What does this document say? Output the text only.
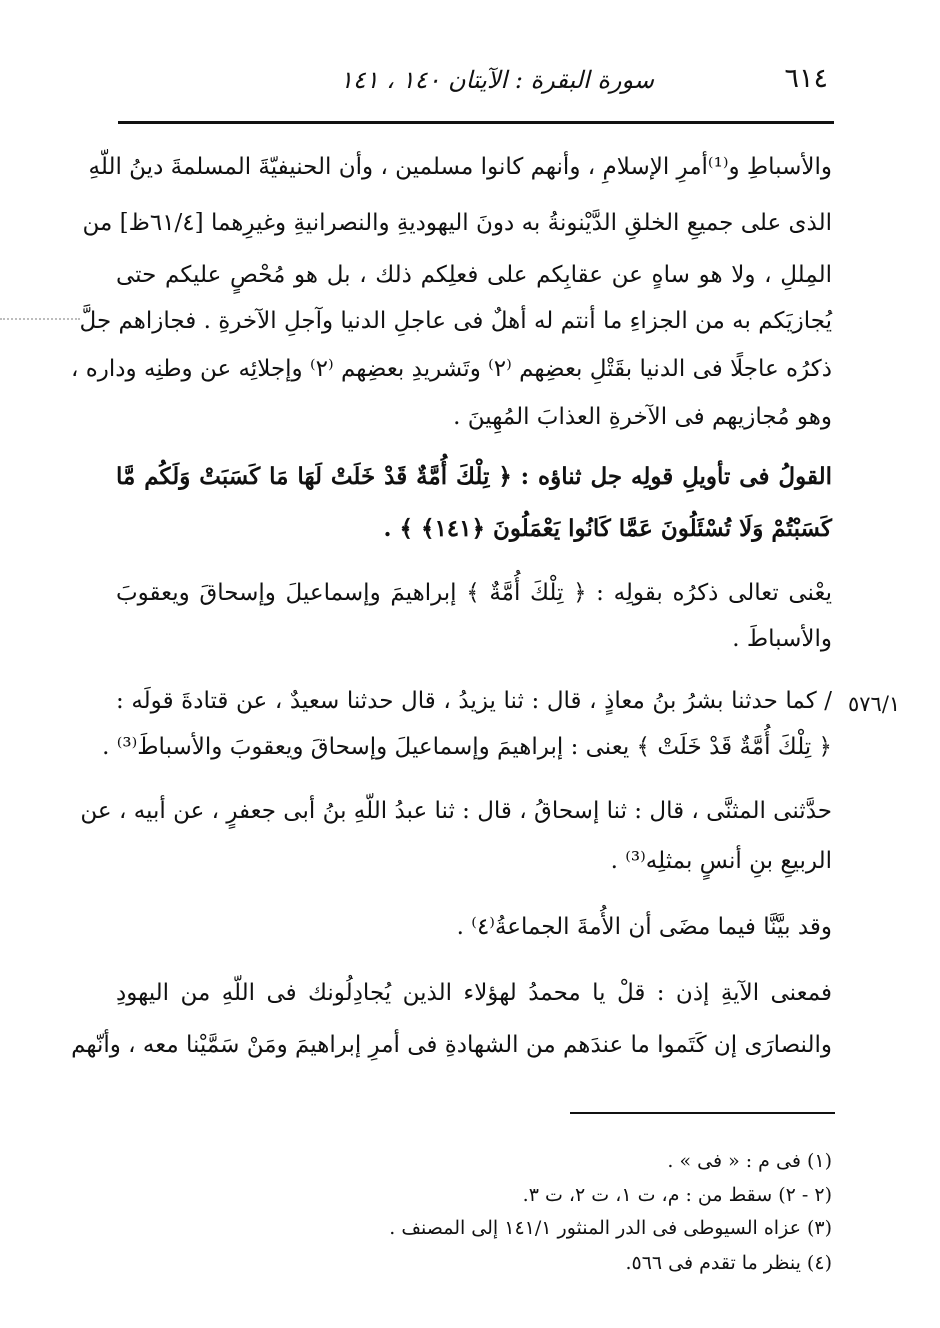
٦١٤
سورة البقرة : الآيتان ١٤٠ ، ١٤١
٥٧٦/١
والأسباطِ و⁽¹⁾أمرِ الإسلامِ ، وأنهم كانوا مسلمين ، وأن الحنيفيّةَ المسلمةَ دينُ اللّهِ
الذى على جميعِ الخلقِ الدَّيْنونةُ به دونَ اليهوديةِ والنصرانيةِ وغيرِهما [٦١/٤ظ] من
المِللِ ، ولا هو ساهٍ عن عقابِكم على فعلِكم ذلك ، بل هو مُحْصٍ عليكم حتى
يُجازيَكم به من الجزاءِ ما أنتم له أهلٌ فى عاجلِ الدنيا وآجلِ الآخرةِ . فجازاهم جلَّ
ذكرُه عاجلًا فى الدنيا بقَتْلِ بعضِهم ⁽٢⁾ وتَشريدِ بعضِهم ⁽٢⁾ وإجلائِه عن وطنِه وداره ،
وهو مُجازيهم فى الآخرةِ العذابَ المُهِينَ .
القولُ فى تأويلِ قولِه جل ثناؤه : ﴿ تِلْكَ أُمَّةٌ قَدْ خَلَتْ لَهَا مَا كَسَبَتْ وَلَكُم مَّا
كَسَبْتُمْ وَلَا تُسْئَلُونَ عَمَّا كَانُوا يَعْمَلُونَ ﴿١٤١﴾ ﴾ .
يعْنى تعالى ذكرُه بقولِه : ﴿ تِلْكَ أُمَّةٌ ﴾ إبراهيمَ وإسماعيلَ وإسحاقَ ويعقوبَ
والأسباطَ .
/ كما حدثنا بشرُ بنُ معاذٍ ، قال : ثنا يزيدُ ، قال حدثنا سعيدٌ ، عن قتادةَ قولَه :
﴿ تِلْكَ أُمَّةٌ قَدْ خَلَتْ ﴾ يعنى : إبراهيمَ وإسماعيلَ وإسحاقَ ويعقوبَ والأسباطَ⁽³⁾ .
حدَّثنى المثنَّى ، قال : ثنا إسحاقُ ، قال : ثنا عبدُ اللّهِ بنُ أبى جعفرٍ ، عن أبيه ، عن
الربيعِ بنِ أنسٍ بمثلِه⁽³⁾ .
وقد بيَّنَّا فيما مضَى أن الأُمةَ الجماعةُ⁽٤⁾ .
فمعنى الآيةِ إذن : قلْ يا محمدُ لهؤلاء الذين يُجادِلُونك فى اللّهِ من اليهودِ
والنصارَى إن كَتَموا ما عندَهم من الشهادةِ فى أمرِ إبراهيمَ ومَنْ سَمَّيْنا معه ، وأنّهم
(١) فى م : « فى » .
(٢ - ٢) سقط من : م، ت ١، ت ٢، ت ٣.
(٣) عزاه السيوطى فى الدر المنثور ١٤١/١ إلى المصنف .
(٤) ينظر ما تقدم فى ٥٦٦.
